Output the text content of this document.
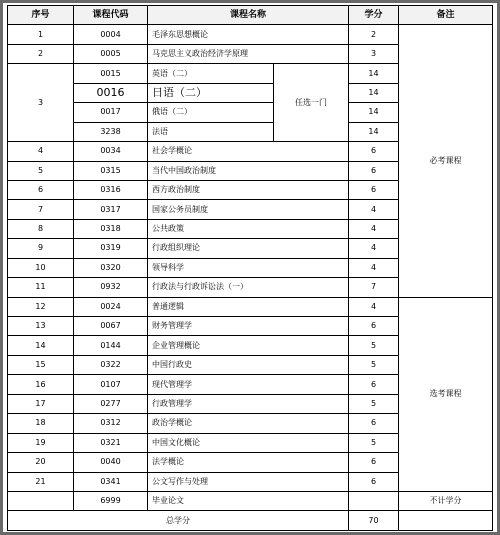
序号	课程代码	课程名称		学分	备注
1	0004	毛泽东思想概论		2	必考课程
2	0005	马克思主义政治经济学原理		3	
3	0015	英语（二）	任选一门	14	
	0016	日语（二）		14	
	0017	俄语（二）		14	
	3238	法语		14	
4	0034	社会学概论		6	
5	0315	当代中国政治制度		6	
6	0316	西方政治制度		6	
7	0317	国家公务员制度		4	
8	0318	公共政策		4	
9	0319	行政组织理论		4	
10	0320	领导科学		4	
11	0932	行政法与行政诉讼法（一）		7	
12	0024	普通逻辑		4	选考课程
13	0067	财务管理学		6	
14	0144	企业管理概论		5	
15	0322	中国行政史		5	
16	0107	现代管理学		6	
17	0277	行政管理学		5	
18	0312	政治学概论		6	
19	0321	中国文化概论		5	
20	0040	法学概论		6	
21	0341	公文写作与处理		6	
	6999	毕业论文			不计学分
总学分				70	
